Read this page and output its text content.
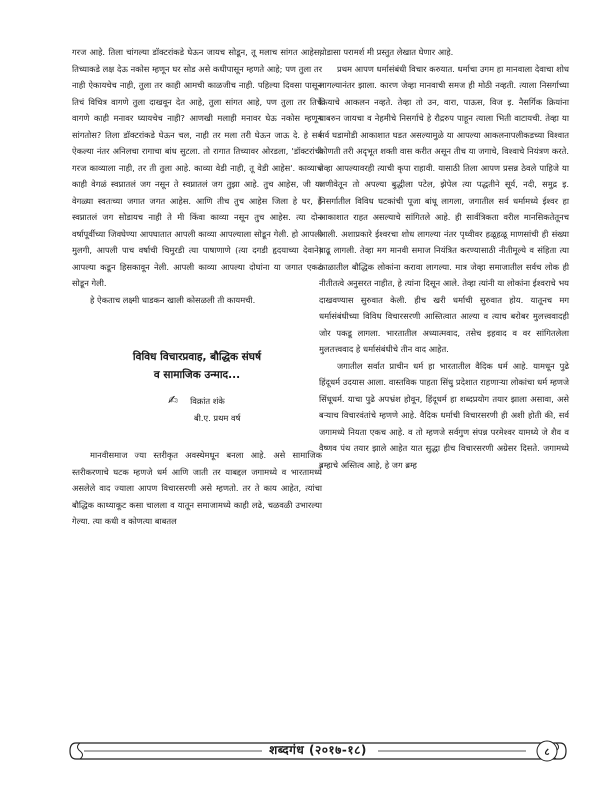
गरज आहे. तिला चांगल्या डॉक्टरांकडे घेऊन जायच सोडून, तू मलाच सांगत आहेस, तिच्याकडे लक्ष देऊ नकोस म्हणून घर सोड असे कधीपासून म्हणते आहे; पण तुला तर नाही ऐकायचेच नाही, तुला तर काही आमची काळजीच नाही. पहिल्या दिवसा पासून तिचं विचित्र वागणे तुला दाखवून देत आहे, तुला सांगत आहे, पण तुला तर तिचे वागणे काही मनावर घ्यायचेच नाही? आणखी मलाही मनावर घेऊ नकोस म्हणून सांगतोस? तिला डॉक्टरांकडे घेऊन चल, नाही तर मला तरी घेऊन जाऊ दे. हे सर्व ऐकल्या नंतर अनिलचा रागाचा बांध सुटला. तो रागात तिच्यावर ओरडला, 'डॉक्टरांची गरज काव्याला नाही, तर ती तुला आहे. काव्या वेडी नाही, तू वेडी आहेस'. काव्याच काही वेगळं स्वप्नातलं जग नसून ते स्वप्नातलं जग तुझा आहे. तुच आहेस, जी या वेगळ्या स्वतःच्या जगात जगत आहेस. आणि तीच तुच आहेस जिला हे घर, हे स्वप्नातलं जग सोडायच नाही ते मी किंवा काव्या नसून तुच आहेस. त्या दोन वर्षापूर्वीच्या जिवघेण्या आपघातात आपली काव्या आपल्याला सोडून गेली. हो आपली मुलगी, आपली पाच वर्षाची चिमुरडी त्या पाषाणाणे (त्या दगडी हृदयाच्या देवाने) आपल्या कडून हिसकावून नेली. आपली काव्या आपल्या दोघांना या जगात एकटं सोडून गेली.

हे ऐकताच लक्ष्मी धाडकन खाली कोसळली ती कायमची.

विविध विचारप्रवाह, बौद्धिक संघर्ष

व सामाजिक उन्माद...

✍ विक्रांत शंके
बी.ए. प्रथम वर्ष

मानवीसमाज ज्या स्तरीकृत अवस्थेमधून बनला आहे. असे सामाजिक स्तरीकरणाचे घटक म्हणजे धर्म आणि जाती तर याबद्दल जगामध्ये व भारतामध्ये असलेले वाद ज्याला आपण विचारसरणी असे म्हणतो. तर ते काय आहेत, त्यांचा बौद्धिक काथ्याकूट कसा चालला व यातून समाजामध्ये काही लढे, चळवळी उभारल्या गेल्या. त्या कधी व कोणत्या बाबतल

थोडासा परामर्श मी प्रस्तुत लेखात घेणार आहे.

प्रथम आपण धर्मासंबंधी विचार करुयात. धर्माचा उगम हा मानवाला देवाचा शोध लागल्यानंतर झाला. कारण जेव्हा मानवाची समज ही मोठी नव्हती. त्याला निसर्गाच्या क्रियाचे आकलन नव्हते. तेव्हा तो उन, वारा, पाऊस, विज इ. नैसर्गिक क्रियांना घाबरुन जायचा व नेहमीचे निसर्गाचे हे रौद्ररुप पाहून त्याला भिती वाटायची. तेव्हा या सर्व घडामोडी आकाशात घडत असल्यामुळे या आपल्या आकलनापलीकडच्या विश्वात कोणती तरी अदृभूत शक्ती वास करीत असून तीच या जगाचे, विश्वाचे नियंत्रण करते. तेव्हा आपल्यावरही त्याची कृपा राहावी. यासाठी तिला आपण प्रसन्न ठेवले पाहिजे या जणीवेतून तो अपल्या बुद्धीला पटेल, झेपेल त्या पद्धतीने सूर्य, नदी, समुद्र इ. निसर्गातील विविध घटकांची पूजा बांधू लागला, जगातील सर्व धर्मामध्ये ईश्वर हा आकाशात राहत असल्याचे सांगितले आहे. ही सार्वत्रिकता वरील मानसिकतेतूनच आली. अशाप्रकारे ईश्वरचा शोध लागल्या नंतर पृथ्वीवर हळूहळू माणसांची ही संख्या वाढू लागली. तेव्हा मग मानवी समाज नियंत्रित करण्यासाठी नीतीमूल्ये व संहिता त्या काळातील बौद्धिक लोकांना करावा लागल्या. मात्र जेव्हा समाजातील सर्वच लोक ही नीतीतत्वे अनुसरत नाहीत, हे त्यांना दिसून आले. तेव्हा त्यांनी या लोकांना ईश्वराचे भय दाखवण्यास सुरुवात केली. हीच खरी धर्माची सुरुवात होय. यातूनच मग धर्मासंबंधीच्या विविध विचारसरणी आस्तित्वात आल्या व त्याच बरोबर मुलत्त्ववादही जोर पकडू लागला. भारतातील अध्यात्मवाद, तसेच इहवाद व वर सांगितलेला मुलतत्त्ववाद हे धर्मासंबंधीचे तीन वाद आहेत.

जगातील सर्वात प्राचीन धर्म हा भारतातील वैदिक धर्म आहे. यामधून पुढे हिंदूधर्म उदयास आला. वास्तविक पाहता सिंधु प्रदेशात राहणाऱ्या लोकांचा धर्म म्हणजे सिंधूधर्म. याचा पुढे अपभ्रंश होवून, हिंदूधर्म हा शब्दप्रयोग तयार झाला असावा, असे बऱ्याच विचारवंतांचे म्हणणे आहे. वैदिक धर्माची विचारसरणी ही अशी होती की, सर्व जगामध्ये नियता एकच आहे. व तो म्हणजे सर्वगुण संपन्न परमेश्वर यामध्ये जे शैव व वैष्णव पंथ तयार झाले आहेत यात सुद्धा हीच विचारसरणी अग्रेसर दिसते. जगामध्ये ब्रम्हाचे अस्तित्व आहे, हे जग ब्रम्ह

शब्दगंध (२०१७-१८)	८
